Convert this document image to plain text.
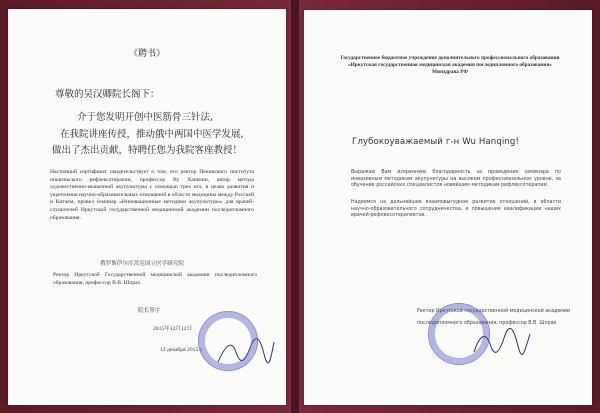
《聘书》
尊敬的吴汉卿院长阁下：
介于您发明开创中医筋骨三针法,
在我院讲座传授，推动俄中两国中医学发展,
做出了杰出贡献，特聘任您为我院客座教授！
Настоящий сертификат свидетельствует о том, что ректор Пекинского института иньвэньского рефлексотерапии, профессор Ву Ханьчин, автор метода художественно-мышечной акупунктуры с помощью трех игл, в целях развития и укрепления научно-образовательных отношений в области медицины между Россией и Китаем, провел семинар «Инновационные методики акупунктуры» для врачей-слушателей Иркутской государственной медицинской академии последипломного образования.
俄罗斯伊尔库茨克国立医学研究院
Ректор Иркутской Государственной медицинской академии последипломного образования, профессор В.В. Шпрах
院长签字
2015年12月12日
12 декабря 2015 г.
Государственное бюджетное учреждение дополнительного профессионального образования «Иркутская государственная медицинская академия последипломного образования» Минздрава РФ
Глубокоуважаемый г-н Wu Hanqing!
Выражаю Вам искреннюю благодарность за проведение семинара по инвазивным методикам акупунктуры на высоком профессиональном уровне, за обучение российских специалистов новейшим методикам рефлексотерапии.
Надеемся на дальнейшее взаимовыгодное развитие отношений, в области научно-образовательного сотрудничества, и повышение квалификации наших врачей-рефлексотерапевтов.
Ректор Иркутской государственной медицинской академии
последипломного образования, профессор В.В. Шпрах
